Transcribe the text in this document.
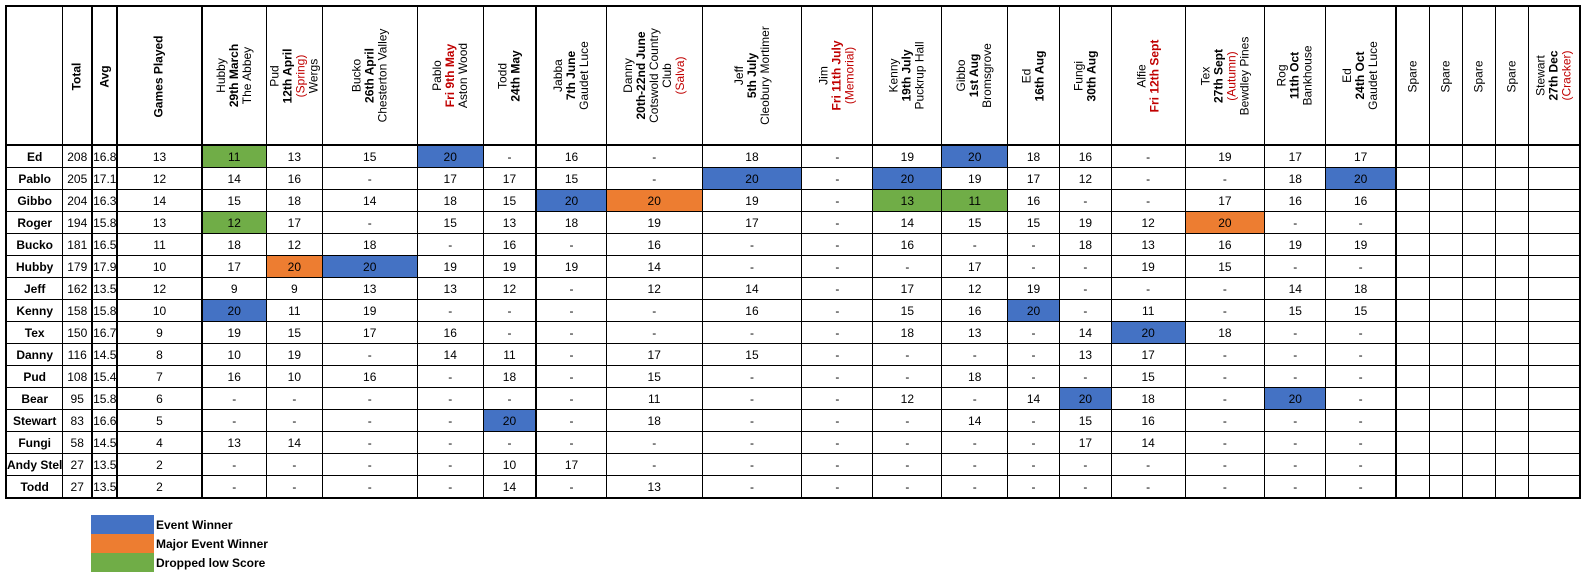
	Total	Avg	Games Played	Hubby 29th March The Abbey	Pud 12th April (Spring) Wergs	Bucko 26th April Chesterton Valley	Pablo Fri 9th May Aston Wood	Todd 24th May	Jabba 7th June Gaudet Luce	Danny 20th-22nd June Cotswold Country Club (Salva)	Jeff 5th July Cleobury Mortimer	Jim Fri 11th July (Memorial)	Kenny 19th July Puckrup Hall	Gibbo 1st Aug Bromsgrove	Ed 16th Aug	Fungi 30th Aug	Alfie Fri 12th Sept	Tex 27th Sept (Autumn) Bewdley Pines	Rog 11th Oct Bankhouse	Ed 24th Oct Gaudet Luce	Spare	Spare	Spare	Spare	Stewart 27th Dec (Cracker)

Ed	208	16.8	13	11	13	15	20	-	16	-	18	-	19	20	18	16	-	19	17	17					
Pablo	205	17.1	12	14	16	-	17	17	15	-	20	-	20	19	17	12	-	-	18	20					
Gibbo	204	16.3	14	15	18	14	18	15	20	20	19	-	13	11	16	-	-	17	16	16					
Roger	194	15.8	13	12	17	-	15	13	18	19	17	-	14	15	15	19	12	20	-	-					
Bucko	181	16.5	11	18	12	18	-	16	-	16	-	-	16	-	-	18	13	16	19	19					
Hubby	179	17.9	10	17	20	20	19	19	19	14	-	-	-	17	-	-	19	15	-	-					
Jeff	162	13.5	12	9	9	13	13	12	-	12	14	-	17	12	19	-	-	-	14	18					
Kenny	158	15.8	10	20	11	19	-	-	-	-	16	-	15	16	20	-	11	-	15	15					
Tex	150	16.7	9	19	15	17	16	-	-	-	-	-	18	13	-	14	20	18	-	-					
Danny	116	14.5	8	10	19	-	14	11	-	17	15	-	-	-	-	13	17	-	-	-					
Pud	108	15.4	7	16	10	16	-	18	-	15	-	-	-	18	-	-	15	-	-	-					
Bear	95	15.8	6	-	-	-	-	-	-	11	-	-	12	-	14	20	18	-	20	-					
Stewart	83	16.6	5	-	-	-	-	20	-	18	-	-	-	14	-	15	16	-	-	-					
Fungi	58	14.5	4	13	14	-	-	-	-	-	-	-	-	-	-	17	14	-	-	-					
Andy Stel	27	13.5	2	-	-	-	-	10	17	-	-	-	-	-	-	-	-	-	-	-					
Todd	27	13.5	2	-	-	-	-	14	-	13	-	-	-	-	-	-	-	-	-	-					
Event Winner
Major Event Winner
Dropped low Score
